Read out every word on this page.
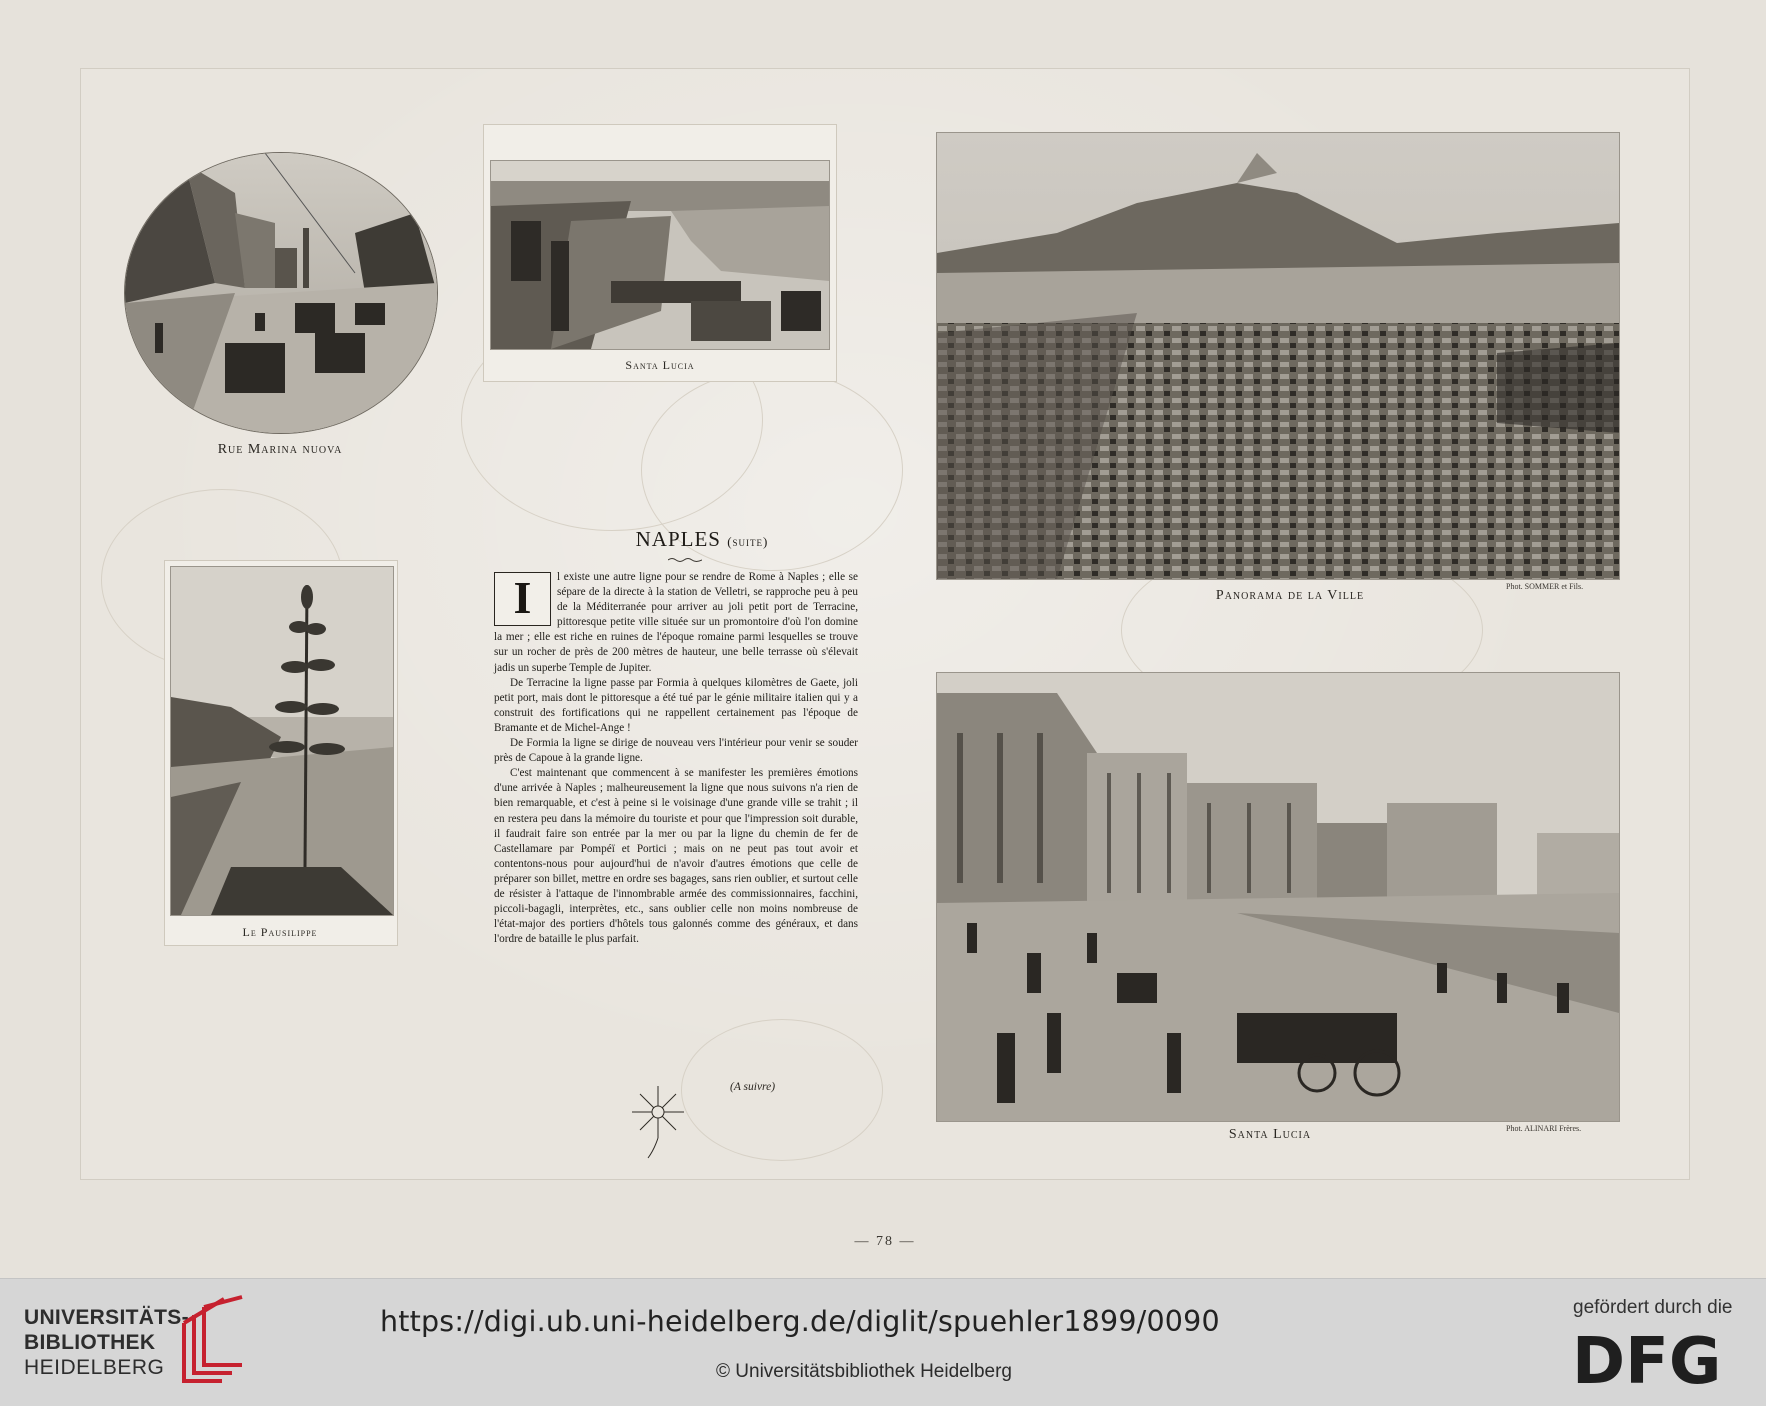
Rue Marina nuova
Santa Lucia
Le Pausilippe
Panorama de la Ville
Phot. SOMMER et Fils.
Santa Lucia	Phot. ALINARI Frères.
NAPLES (suite)
I	l existe une autre ligne pour se rendre de Rome à Naples ; elle se sépare de la directe à la station de Velletri, se rapproche peu à peu de la Méditerranée pour arriver au joli petit port de Terracine, pittoresque petite ville située sur un promontoire d'où l'on domine la mer ; elle est riche en ruines de l'époque romaine parmi lesquelles se trouve sur un rocher de près de 200 mètres de hauteur, une belle terrasse où s'élevait jadis un superbe Temple de Jupiter.

De Terracine la ligne passe par Formia à quelques kilomètres de Gaete, joli petit port, mais dont le pittoresque a été tué par le génie militaire italien qui y a construit des fortifications qui ne rappellent certainement pas l'époque de Bramante et de Michel-Ange !

De Formia la ligne se dirige de nouveau vers l'intérieur pour venir se souder près de Capoue à la grande ligne.

C'est maintenant que commencent à se manifester les premières émotions d'une arrivée à Naples ; malheureusement la ligne que nous suivons n'a rien de bien remarquable, et c'est à peine si le voisinage d'une grande ville se trahit ; il en restera peu dans la mémoire du touriste et pour que l'impression soit durable, il faudrait faire son entrée par la mer ou par la ligne du chemin de fer de Castellamare par Pompéï et Portici ; mais on ne peut pas tout avoir et contentons-nous pour aujourd'hui de n'avoir d'autres émotions que celle de préparer son billet, mettre en ordre ses bagages, sans rien oublier, et surtout celle de résister à l'attaque de l'innombrable armée des commissionnaires, facchini, piccoli-bagagli, interprètes, etc., sans oublier celle non moins nombreuse de l'état-major des portiers d'hôtels tous galonnés comme des généraux, et dans l'ordre de bataille le plus parfait.

(A suivre)
— 78 —
UNIVERSITÄTS-
BIBLIOTHEK
HEIDELBERG
https://digi.ub.uni-heidelberg.de/diglit/spuehler1899/0090
© Universitätsbibliothek Heidelberg
gefördert durch die
DFG
